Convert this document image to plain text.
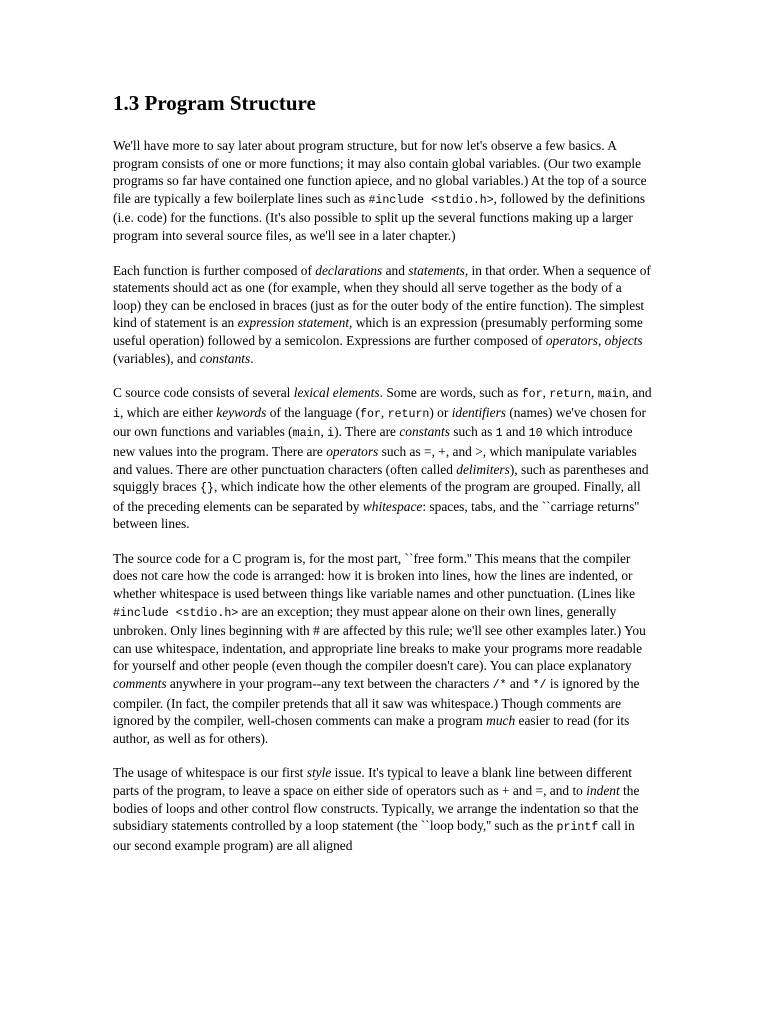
1.3 Program Structure

We'll have more to say later about program structure, but for now let's observe a few basics. A program consists of one or more functions; it may also contain global variables. (Our two example programs so far have contained one function apiece, and no global variables.) At the top of a source file are typically a few boilerplate lines such as #include <stdio.h>, followed by the definitions (i.e. code) for the functions. (It's also possible to split up the several functions making up a larger program into several source files, as we'll see in a later chapter.)

Each function is further composed of declarations and statements, in that order. When a sequence of statements should act as one (for example, when they should all serve together as the body of a loop) they can be enclosed in braces (just as for the outer body of the entire function). The simplest kind of statement is an expression statement, which is an expression (presumably performing some useful operation) followed by a semicolon. Expressions are further composed of operators, objects (variables), and constants.

C source code consists of several lexical elements. Some are words, such as for, return, main, and i, which are either keywords of the language (for, return) or identifiers (names) we've chosen for our own functions and variables (main, i). There are constants such as 1 and 10 which introduce new values into the program. There are operators such as =, +, and >, which manipulate variables and values. There are other punctuation characters (often called delimiters), such as parentheses and squiggly braces {}, which indicate how the other elements of the program are grouped. Finally, all of the preceding elements can be separated by whitespace: spaces, tabs, and the ``carriage returns'' between lines.

The source code for a C program is, for the most part, ``free form.'' This means that the compiler does not care how the code is arranged: how it is broken into lines, how the lines are indented, or whether whitespace is used between things like variable names and other punctuation. (Lines like #include <stdio.h> are an exception; they must appear alone on their own lines, generally unbroken. Only lines beginning with # are affected by this rule; we'll see other examples later.) You can use whitespace, indentation, and appropriate line breaks to make your programs more readable for yourself and other people (even though the compiler doesn't care). You can place explanatory comments anywhere in your program--any text between the characters /* and */ is ignored by the compiler. (In fact, the compiler pretends that all it saw was whitespace.) Though comments are ignored by the compiler, well-chosen comments can make a program much easier to read (for its author, as well as for others).

The usage of whitespace is our first style issue. It's typical to leave a blank line between different parts of the program, to leave a space on either side of operators such as + and =, and to indent the bodies of loops and other control flow constructs. Typically, we arrange the indentation so that the subsidiary statements controlled by a loop statement (the ``loop body,'' such as the printf call in our second example program) are all aligned
